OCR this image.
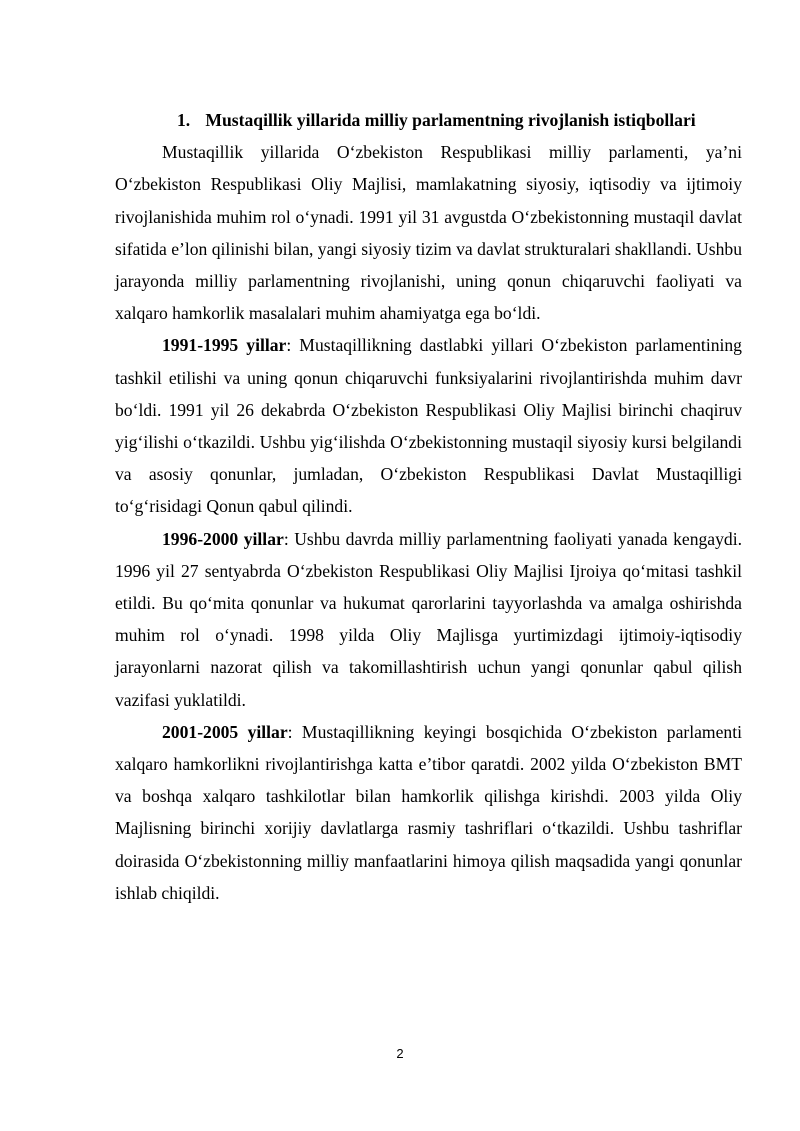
1. Mustaqillik yillarida milliy parlamentning rivojlanish istiqbollari

Mustaqillik yillarida O‘zbekiston Respublikasi milliy parlamenti, ya’ni O‘zbekiston Respublikasi Oliy Majlisi, mamlakatning siyosiy, iqtisodiy va ijtimoiy rivojlanishida muhim rol o‘ynadi. 1991 yil 31 avgustda O‘zbekistonning mustaqil davlat sifatida e’lon qilinishi bilan, yangi siyosiy tizim va davlat strukturalari shakllandi. Ushbu jarayonda milliy parlamentning rivojlanishi, uning qonun chiqaruvchi faoliyati va xalqaro hamkorlik masalalari muhim ahamiyatga ega bo‘ldi.

1991-1995 yillar: Mustaqillikning dastlabki yillari O‘zbekiston parlamentining tashkil etilishi va uning qonun chiqaruvchi funksiyalarini rivojlantirishda muhim davr bo‘ldi. 1991 yil 26 dekabrda O‘zbekiston Respublikasi Oliy Majlisi birinchi chaqiruv yig‘ilishi o‘tkazildi. Ushbu yig‘ilishda O‘zbekistonning mustaqil siyosiy kursi belgilandi va asosiy qonunlar, jumladan, O‘zbekiston Respublikasi Davlat Mustaqilligi to‘g‘risidagi Qonun qabul qilindi.

1996-2000 yillar: Ushbu davrda milliy parlamentning faoliyati yanada kengaydi. 1996 yil 27 sentyabrda O‘zbekiston Respublikasi Oliy Majlisi Ijroiya qo‘mitasi tashkil etildi. Bu qo‘mita qonunlar va hukumat qarorlarini tayyorlashda va amalga oshirishda muhim rol o‘ynadi. 1998 yilda Oliy Majlisga yurtimizdagi ijtimoiy-iqtisodiy jarayonlarni nazorat qilish va takomillashtirish uchun yangi qonunlar qabul qilish vazifasi yuklatildi.

2001-2005 yillar: Mustaqillikning keyingi bosqichida O‘zbekiston parlamenti xalqaro hamkorlikni rivojlantirishga katta e’tibor qaratdi. 2002 yilda O‘zbekiston BMT va boshqa xalqaro tashkilotlar bilan hamkorlik qilishga kirishdi. 2003 yilda Oliy Majlisning birinchi xorijiy davlatlarga rasmiy tashriflari o‘tkazildi. Ushbu tashriflar doirasida O‘zbekistonning milliy manfaatlarini himoya qilish maqsadida yangi qonunlar ishlab chiqildi.

2
